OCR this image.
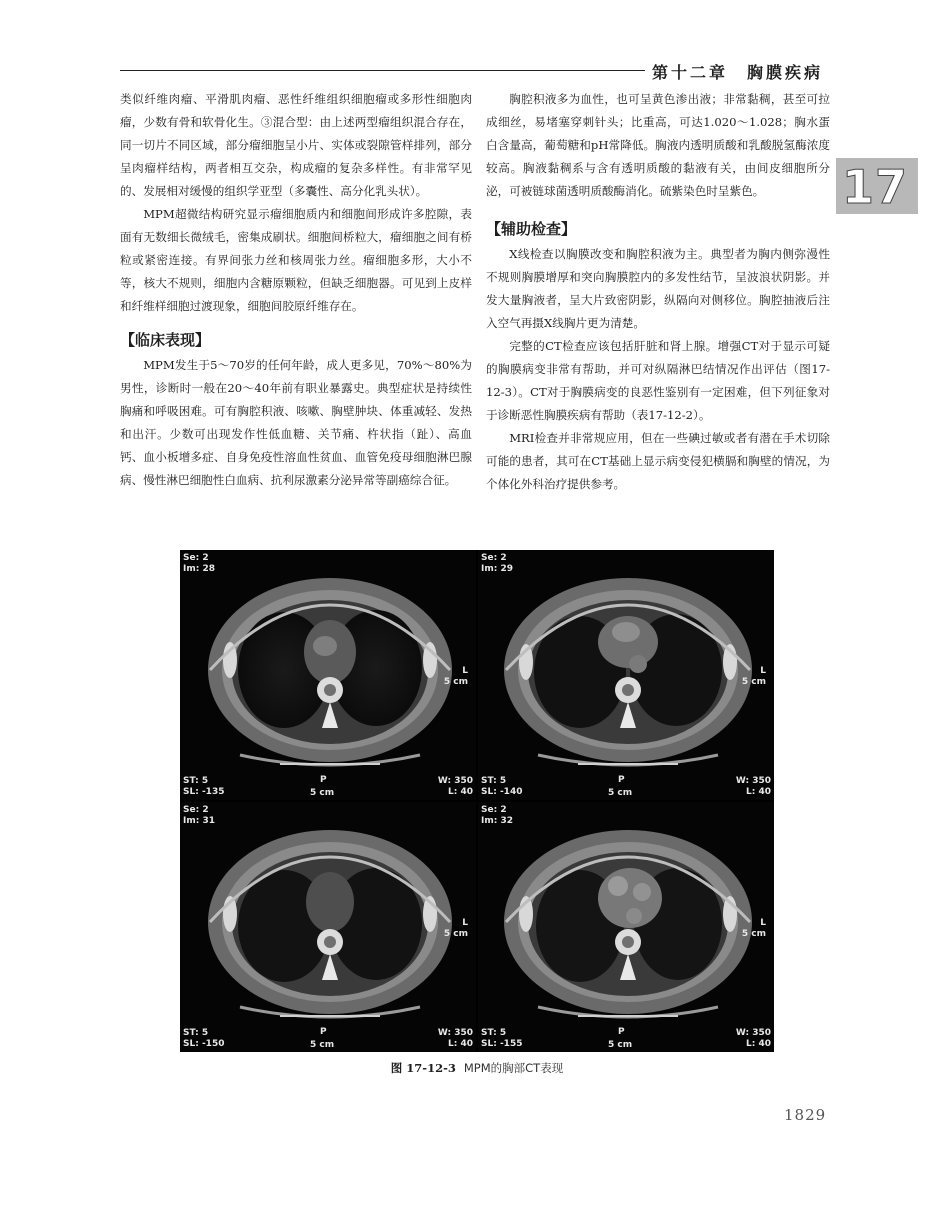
第十二章　胸膜疾病
17

类似纤维肉瘤、平滑肌肉瘤、恶性纤维组织细胞瘤或多形性细胞肉瘤，少数有骨和软骨化生。③混合型：由上述两型瘤组织混合存在，同一切片不同区域，部分瘤细胞呈小片、实体或裂隙管样排列，部分呈肉瘤样结构，两者相互交杂，构成瘤的复杂多样性。有非常罕见的、发展相对缓慢的组织学亚型（多囊性、高分化乳头状）。

MPM超微结构研究显示瘤细胞质内和细胞间形成许多腔隙，表面有无数细长微绒毛，密集成刷状。细胞间桥粒大，瘤细胞之间有桥粒或紧密连接。有界间张力丝和核周张力丝。瘤细胞多形，大小不等，核大不规则，细胞内含糖原颗粒，但缺乏细胞器。可见到上皮样和纤维样细胞过渡现象，细胞间胶原纤维存在。

【临床表现】

MPM发生于5～70岁的任何年龄，成人更多见，70%～80%为男性，诊断时一般在20～40年前有职业暴露史。典型症状是持续性胸痛和呼吸困难。可有胸腔积液、咳嗽、胸壁肿块、体重减轻、发热和出汗。少数可出现发作性低血糖、关节痛、杵状指（趾）、高血钙、血小板增多症、自身免疫性溶血性贫血、血管免疫母细胞淋巴腺病、慢性淋巴细胞性白血病、抗利尿激素分泌异常等副癌综合征。

胸腔积液多为血性，也可呈黄色渗出液；非常黏稠，甚至可拉成细丝，易堵塞穿刺针头；比重高，可达1.020～1.028；胸水蛋白含量高，葡萄糖和pH常降低。胸液内透明质酸和乳酸脱氢酶浓度较高。胸液黏稠系与含有透明质酸的黏液有关，由间皮细胞所分泌，可被链球菌透明质酸酶消化。硫紫染色时呈紫色。

【辅助检查】

X线检查以胸膜改变和胸腔积液为主。典型者为胸内侧弥漫性不规则胸膜增厚和突向胸膜腔内的多发性结节，呈波浪状阴影。并发大量胸液者，呈大片致密阴影，纵隔向对侧移位。胸腔抽液后注入空气再摄X线胸片更为清楚。

完整的CT检查应该包括肝脏和肾上腺。增强CT对于显示可疑的胸膜病变非常有帮助，并可对纵隔淋巴结情况作出评估（图17-12-3）。CT对于胸膜病变的良恶性鉴别有一定困难，但下列征象对于诊断恶性胸膜疾病有帮助（表17-12-2）。

MRI检查并非常规应用，但在一些碘过敏或者有潜在手术切除可能的患者，其可在CT基础上显示病变侵犯横膈和胸壁的情况，为个体化外科治疗提供参考。

Se: 2
Im: 28
L
5 cm
ST: 5
SL: -135
W: 350
L: 40
P
5 cm
Se: 2
Im: 29
L
5 cm
ST: 5
SL: -140
W: 350
L: 40
P
5 cm
Se: 2
Im: 31
L
5 cm
ST: 5
SL: -150
W: 350
L: 40
P
5 cm
Se: 2
Im: 32
L
5 cm
ST: 5
SL: -155
W: 350
L: 40
P
5 cm
图 17-12-3 MPM的胸部CT表现
1829
